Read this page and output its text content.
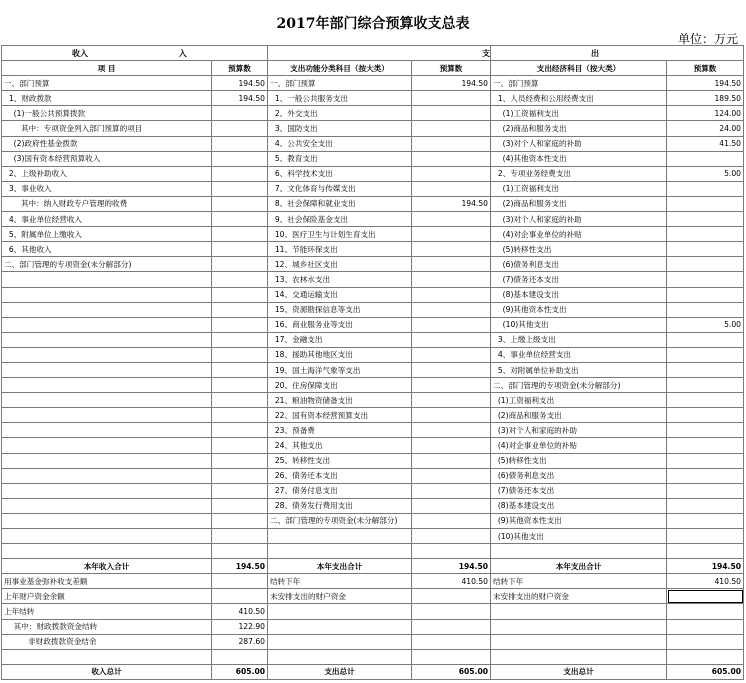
2017年部门综合预算收支总表
单位：万元
收入 入		支		出	
项 目	预算数	支出功能分类科目（按大类）	预算数	支出经济科目（按大类）	预算数
一、部门预算	194.50	一、部门预算	194.50	一、部门预算	194.50
1、财政拨款	194.50	1、一般公共服务支出		1、人员经费和公用经费支出	189.50
(1)一般公共预算拨款		2、外交支出		(1)工资福利支出	124.00
其中：专项资金列入部门预算的项目		3、国防支出		(2)商品和服务支出	24.00
(2)政府性基金拨款		4、公共安全支出		(3)对个人和家庭的补助	41.50
(3)国有资本经营预算收入		5、教育支出		(4)其他资本性支出	
2、上级补助收入		6、科学技术支出		2、专项业务经费支出	5.00
3、事业收入		7、文化体育与传媒支出		(1)工资福利支出	
其中：纳入财政专户管理的收费		8、社会保障和就业支出	194.50	(2)商品和服务支出	
4、事业单位经营收入		9、社会保险基金支出		(3)对个人和家庭的补助	
5、附属单位上缴收入		10、医疗卫生与计划生育支出		(4)对企事业单位的补贴	
6、其他收入		11、节能环保支出		(5)转移性支出	
二、部门管理的专项资金(未分解部分)		12、城乡社区支出		(6)债务利息支出	
		13、农林水支出		(7)债务还本支出	
		14、交通运输支出		(8)基本建设支出	
		15、资源勘探信息等支出		(9)其他资本性支出	
		16、商业服务业等支出		(10)其他支出	5.00
		17、金融支出		3、上缴上级支出	
		18、援助其他地区支出		4、事业单位经营支出	
		19、国土海洋气象等支出		5、对附属单位补助支出	
		20、住房保障支出		二、部门管理的专项资金(未分解部分)	
		21、粮油物资储备支出		(1)工资福利支出	
		22、国有资本经营预算支出		(2)商品和服务支出	
		23、预备费		(3)对个人和家庭的补助	
		24、其他支出		(4)对企事业单位的补贴	
		25、转移性支出		(5)转移性支出	
		26、债务还本支出		(6)债务利息支出	
		27、债务付息支出		(7)债务还本支出	
		28、债务发行费用支出		(8)基本建设支出	
		二、部门管理的专项资金(未分解部分)		(9)其他资本性支出	
				(10)其他支出	

本年收入合计	194.50	本年支出合计	194.50	本年支出合计	194.50
用事业基金弥补收支差额		结转下年	410.50	结转下年	410.50
上年财户资金余额		未安排支出的财户资金		未安排支出的财户资金	
上年结转	410.50				
其中：财政拨款资金结转	122.90				
非财政拨款资金结余	287.60				

收入总计	605.00	支出总计	605.00	支出总计	605.00
